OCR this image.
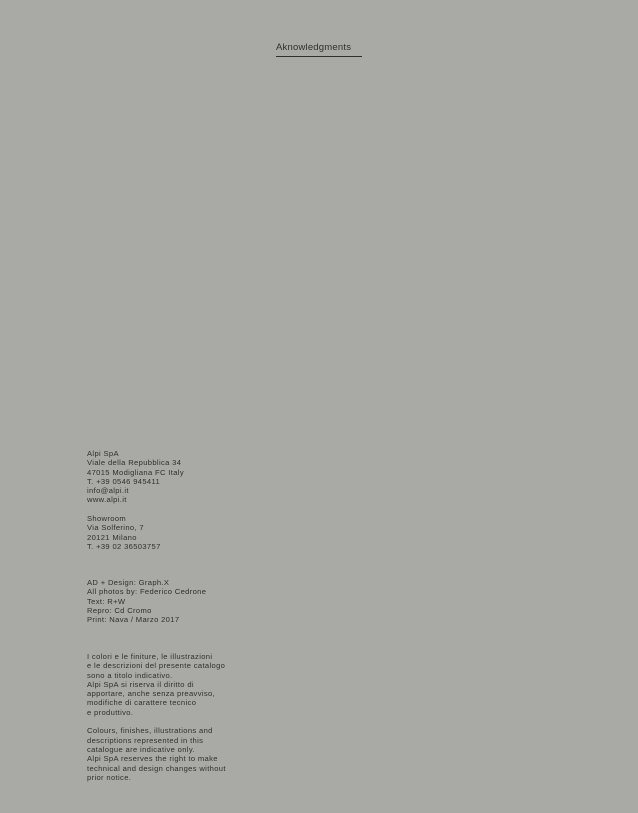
Aknowledgments
Alpi SpA
Viale della Repubblica 34
47015 Modigliana FC Italy
T. +39 0546 945411
info@alpi.it
www.alpi.it
Showroom
Via Solferino, 7
20121 Milano
T. +39 02 36503757
AD + Design: Graph.X
All photos by: Federico Cedrone
Text: R+W
Repro: Cd Cromo
Print: Nava / Marzo 2017
I colori e le finiture, le illustrazioni
e le descrizioni del presente catalogo
sono a titolo indicativo.
Alpi SpA si riserva il diritto di
apportare, anche senza preavviso,
modifiche di carattere tecnico
e produttivo.
Colours, finishes, illustrations and
descriptions represented in this
catalogue are indicative only.
Alpi SpA reserves the right to make
technical and design changes without
prior notice.
